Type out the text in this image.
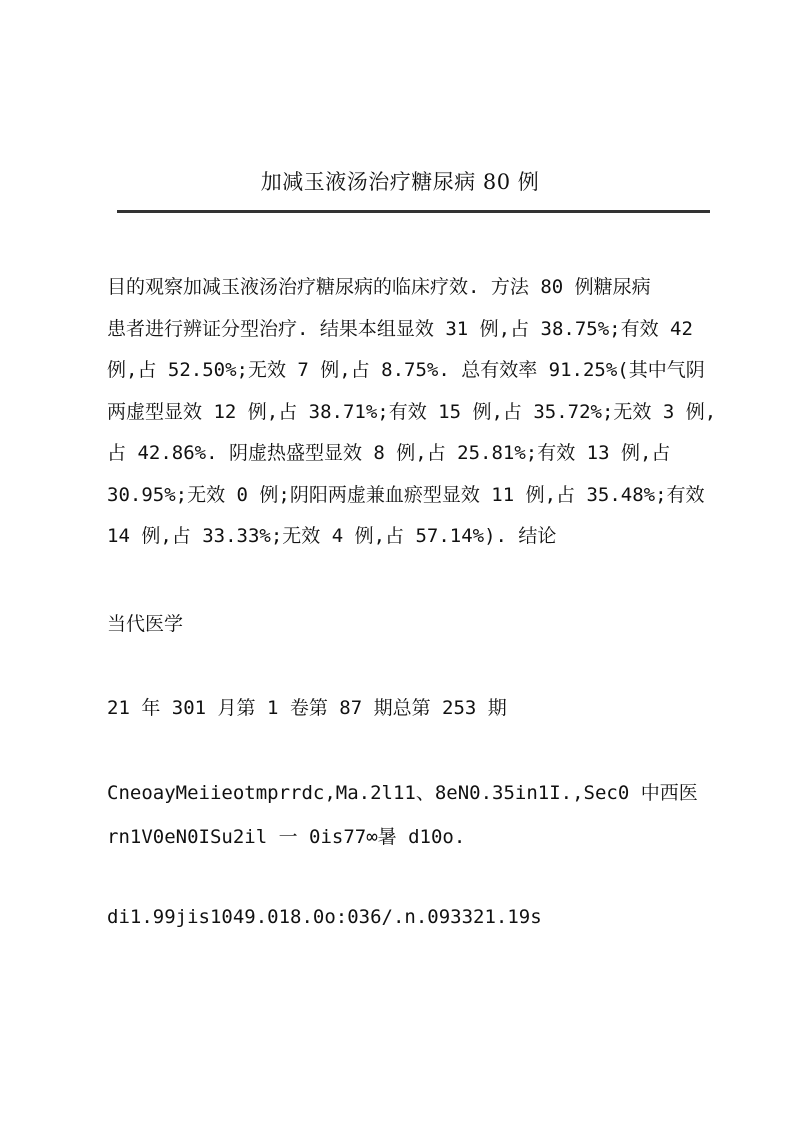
加减玉液汤治疗糖尿病 80 例
目的观察加减玉液汤治疗糖尿病的临床疗效. 方法 80 例糖尿病
患者进行辨证分型治疗. 结果本组显效 31 例,占 38.75%;有效 42
例,占 52.50%;无效 7 例,占 8.75%. 总有效率 91.25%(其中气阴
两虚型显效 12 例,占 38.71%;有效 15 例,占 35.72%;无效 3 例,
占 42.86%. 阴虚热盛型显效 8 例,占 25.81%;有效 13 例,占
30.95%;无效 0 例;阴阳两虚兼血瘀型显效 11 例,占 35.48%;有效
14 例,占 33.33%;无效 4 例,占 57.14%). 结论
当代医学
21 年 301 月第 1 卷第 87 期总第 253 期
CneoayMeiieotmprrdc,Ma.2l11、8eN0.35in1I.,Sec0 中西医
rn1V0eN0ISu2il 一 0is77∞暑 d10o.
di1.99jis1049.018.0o:036/.n.093321.19s
